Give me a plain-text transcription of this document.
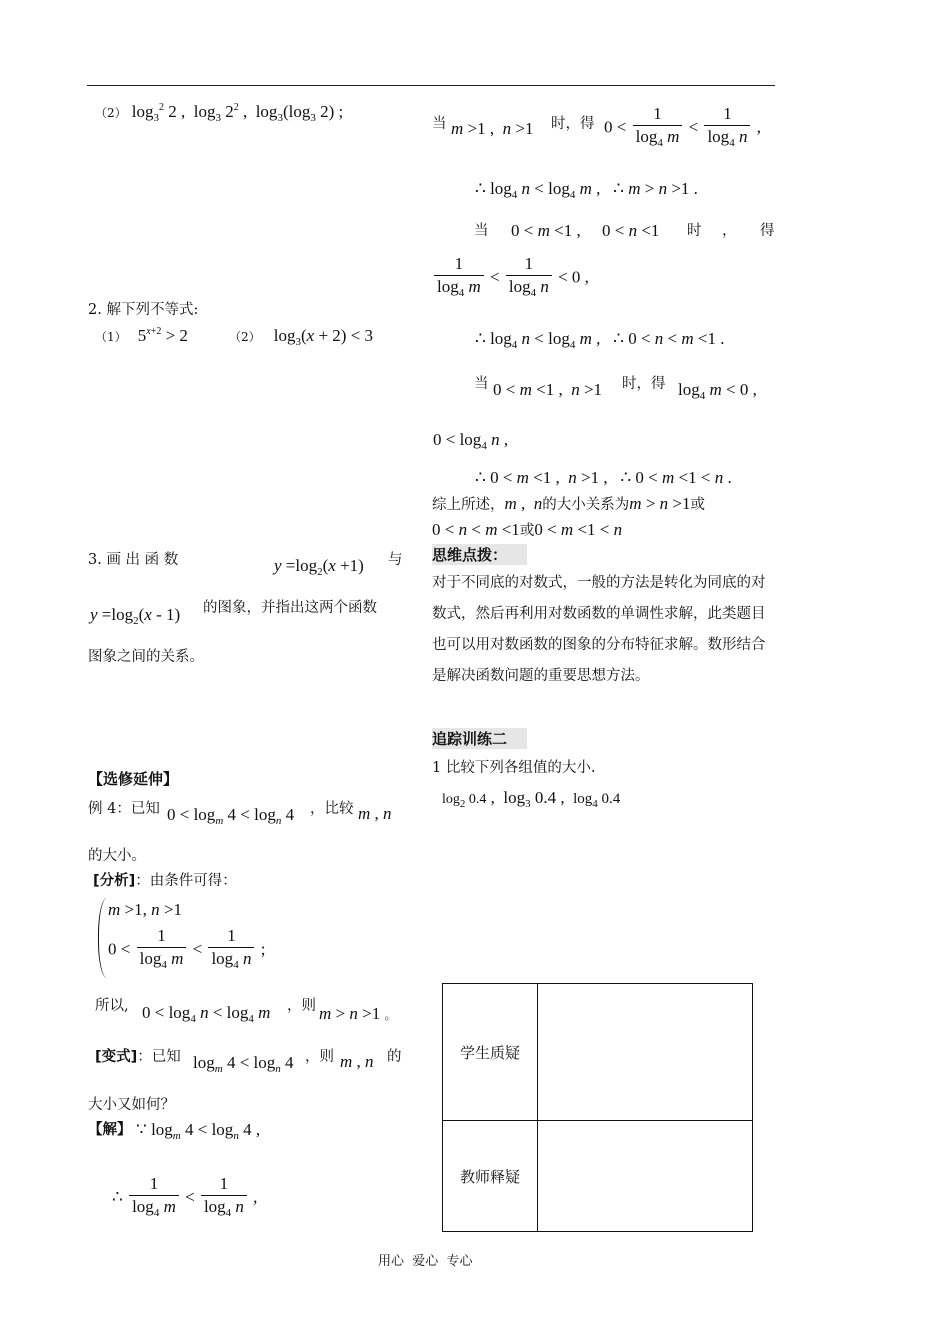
（2） $\log_3^2 2$ ,  $\log_3 2^2$ ,  $\log_3(\log_3$ 2) ;
2. 解下列不等式:
（1） $5^{x+2} > 2$	（2） $\log_3(x + 2) < 3$
3. 画 出 函 数	$y =\log_2(x +1)$ 与
$y =\log_2(x - 1)$ 的图象，并指出这两个函数
图象之间的关系。
【选修延伸】
例 4：已知 $0 < \log_m 4 < \log_n 4$ ，比较 m , n
的大小。
[分析]：由条件可得：
m >1, n >1
$0 < \frac{1}{\log_4 m} < \frac{1}{\log_4 n}$ ;
所以, $0 < \log_4 n < \log_4 m$ ，则 m > n >1 。
[变式]：已知 $\log_m 4 < \log_n 4$ ，则 m , n 的
大小又如何？
【解】 ∵ $\log_m 4 < \log_n 4$ ,
∴ $\frac{1}{\log_4 m} < \frac{1}{\log_4 n}$ ,
当 m >1 ,  n >1 时，得 $0 < \frac{1}{\log_4 m} < \frac{1}{\log_4 n}$ ,
∴ $\log_4 n < \log_4 m$ ,   ∴ m > n >1 .
当 0 < m <1 ,     0 < n <1 时 ， 得
$\frac{1}{\log_4 m} < \frac{1}{\log_4 n} < 0$ ,
∴ $\log_4 n < \log_4 m$ ,   ∴ 0 < n < m <1 .
当 0 < m <1 ,  n >1 时，得 $\log_4 m < 0$ ,
$0 < \log_4 n$ ,
∴ 0 < m <1 ,  n >1 ,   ∴ 0 < m <1 < n .
综上所述，m ,  n的大小关系为m > n >1或
0 < n < m <1或0 < m <1 < n
思维点拨：
对于不同底的对数式，一般的方法是转化为同底的对数式，然后再利用对数函数的单调性求解，此类题目也可以用对数函数的图象的分布特征求解。数形结合是解决函数问题的重要思想方法。
追踪训练二
1 比较下列各组值的大小.
$\log_2 0.4$ ,  $\log_3 0.4$ ,  $\log_4 0.4$
学生质疑	
教师释疑	
用心  爱心  专心
